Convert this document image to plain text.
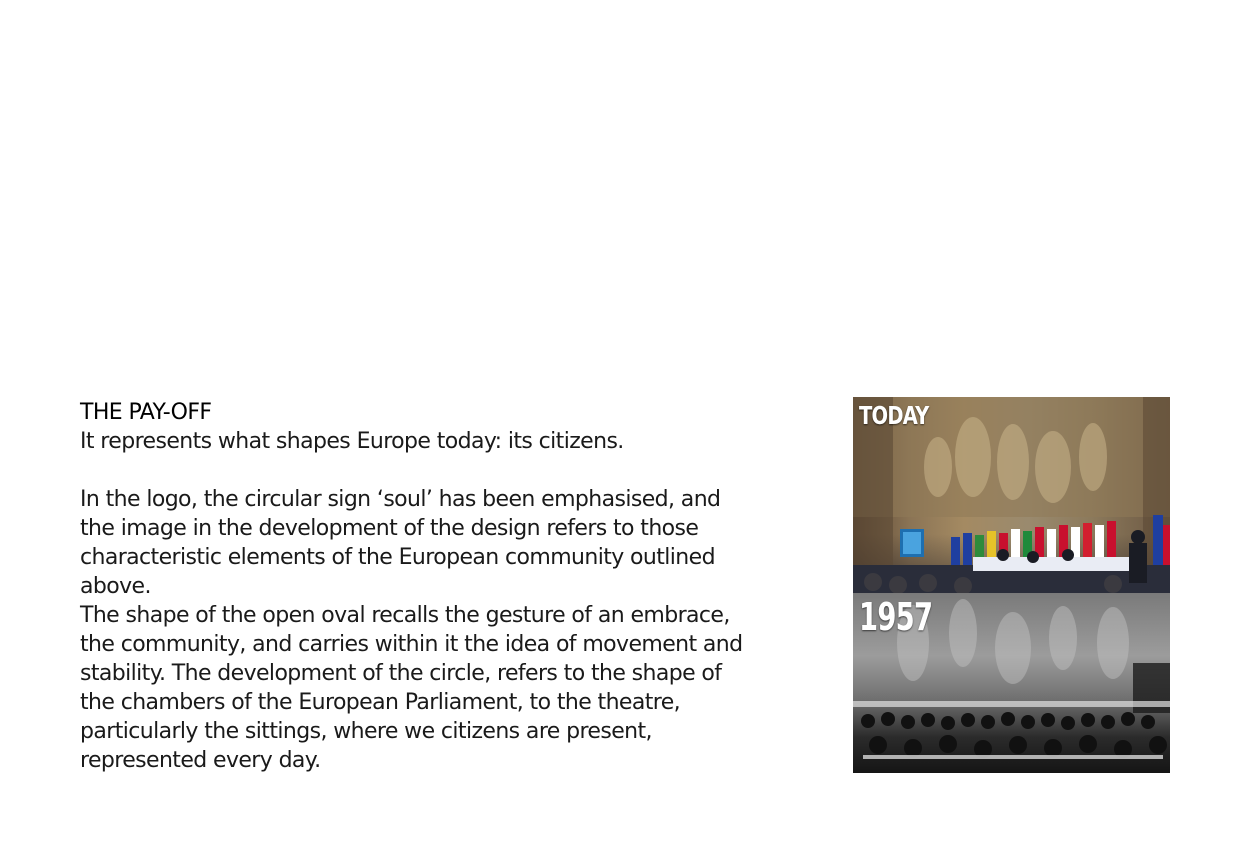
THE PAY-OFF

It represents what shapes Europe today: its citizens.

In the logo, the circular sign ‘soul’ has been emphasised, and the image in the development of the design refers to those characteristic elements of the European community outlined above.

The shape of the open oval recalls the gesture of an embrace, the community, and carries within it the idea of movement and stability. The development of the circle, refers to the shape of the chambers of the European Parliament, to the theatre, particularly the sittings, where we citizens are present, represented every day.

TODAY
1957
